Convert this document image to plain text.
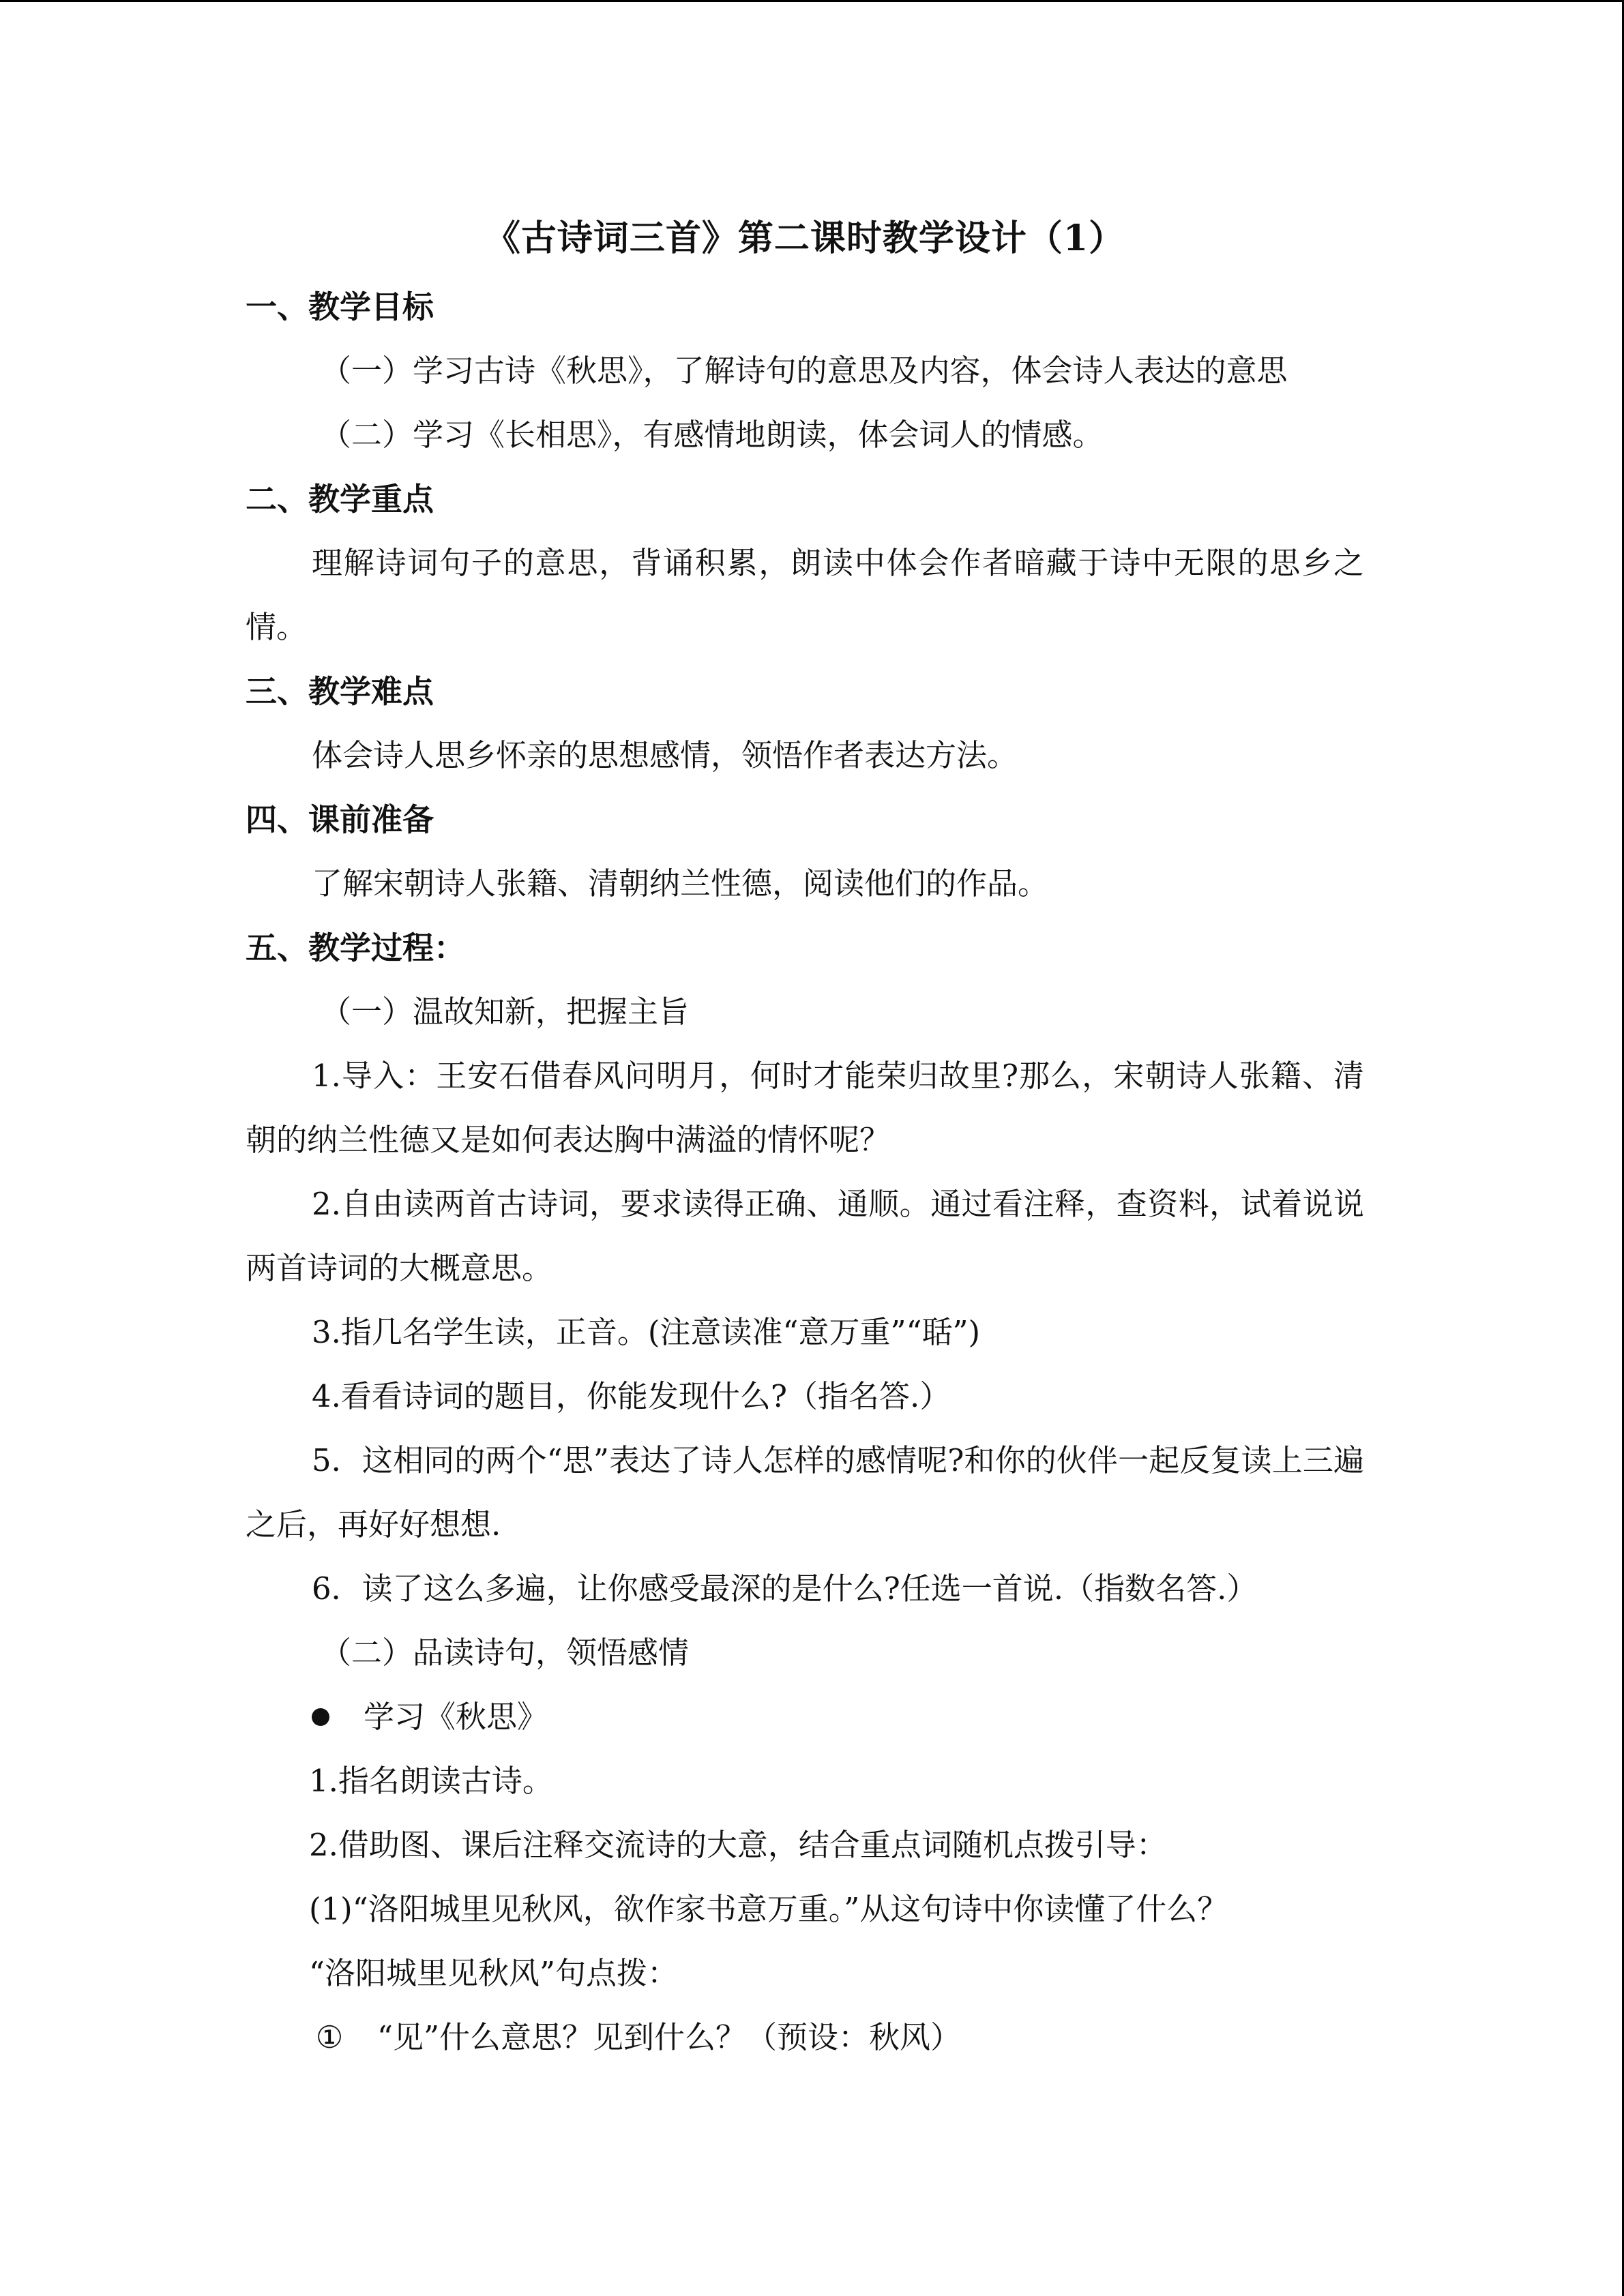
《古诗词三首》第二课时教学设计（1）
一、教学目标
（一）学习古诗《秋思》，了解诗句的意思及内容，体会诗人表达的意思
（二）学习《长相思》，有感情地朗读，体会词人的情感。
二、教学重点
理解诗词句子的意思，背诵积累，朗读中体会作者暗藏于诗中无限的思乡之情。
三、教学难点
体会诗人思乡怀亲的思想感情，领悟作者表达方法。
四、课前准备
了解宋朝诗人张籍、清朝纳兰性德，阅读他们的作品。
五、教学过程：
（一）温故知新，把握主旨
1.导入：王安石借春风问明月，何时才能荣归故里?那么，宋朝诗人张籍、清朝的纳兰性德又是如何表达胸中满溢的情怀呢？
2.自由读两首古诗词，要求读得正确、通顺。通过看注释，查资料，试着说说两首诗词的大概意思。
3.指几名学生读，正音。(注意读准“意万重”“聒”)
4.看看诗词的题目，你能发现什么?（指名答.）
5．这相同的两个“思”表达了诗人怎样的感情呢?和你的伙伴一起反复读上三遍之后，再好好想想.
6．读了这么多遍，让你感受最深的是什么?任选一首说.（指数名答.）
（二）品读诗句，领悟感情
学习《秋思》
1.指名朗读古诗。
2.借助图、课后注释交流诗的大意，结合重点词随机点拨引导：
(1)“洛阳城里见秋风，欲作家书意万重。”从这句诗中你读懂了什么？
“洛阳城里见秋风”句点拨：
① “见”什么意思？见到什么？（预设：秋风）
